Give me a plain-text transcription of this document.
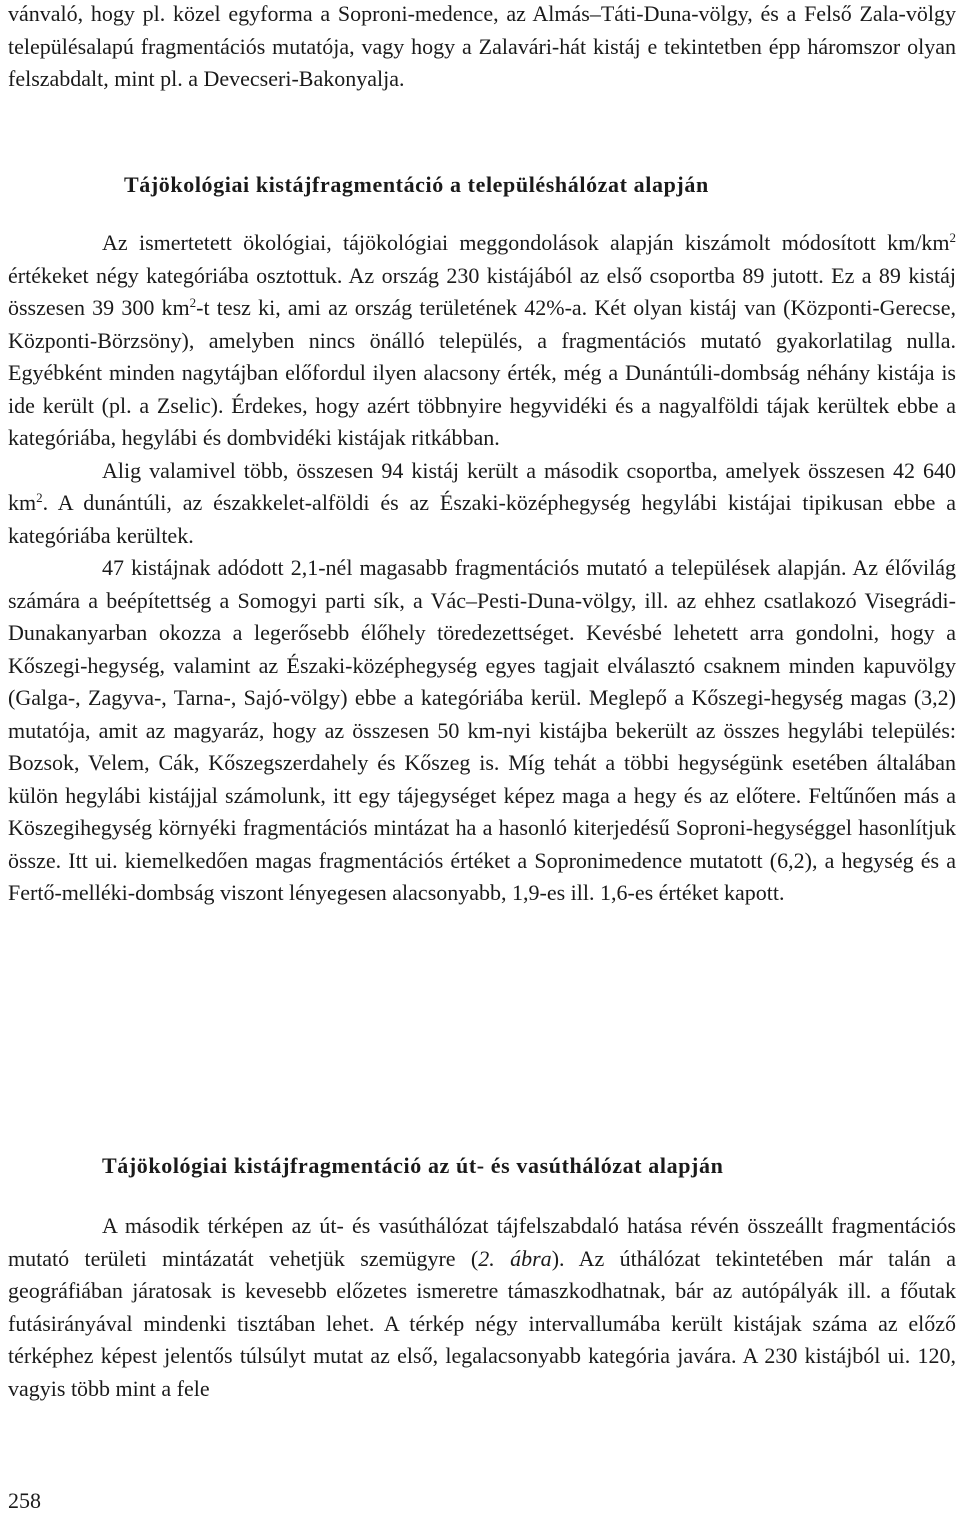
vánvaló, hogy pl. közel egyforma a Soproni-medence, az Almás–Táti-Duna-völgy, és a Felső Zala-völgy településalapú fragmentációs mutatója, vagy hogy a Zalavári-hát kistáj e tekintetben épp háromszor olyan felszabdalt, mint pl. a Devecseri-Bakonyalja.

Tájökológiai kistájfragmentáció a településhálózat alapján

Az ismertetett ökológiai, tájökológiai meggondolások alapján kiszámolt módosított $km/km^2$ értékeket négy kategóriába osztottuk. Az ország 230 kistájából az első csoportba 89 jutott. Ez a 89 kistáj összesen 39 300 $km^2-t$ tesz ki, ami az ország területének 42%-a. Két olyan kistáj van (Központi-Gerecse, Központi-Börzsöny), amelyben nincs önálló település, a fragmentációs mutató gyakorlatilag nulla. Egyébként minden nagytájban előfordul ilyen alacsony érték, még a Dunántúli-dombság néhány kistája is ide került (pl. a Zselic). Érdekes, hogy azért többnyire hegyvidéki és a nagyalföldi tájak kerültek ebbe a kategóriába, hegylábi és dombvidéki kistájak ritkábban.

Alig valamivel több, összesen 94 kistáj került a második csoportba, amelyek összesen 42 640 $km^2$. A dunántúli, az északkelet-alföldi és az Északi-középhegység hegylábi kistájai tipikusan ebbe a kategóriába kerültek.

47 kistájnak adódott 2,1-nél magasabb fragmentációs mutató a települések alapján. Az élővilág számára a beépítettség a Somogyi parti sík, a Vác–Pesti-Duna-völgy, ill. az ehhez csatlakozó Visegrádi-Dunakanyarban okozza a legerősebb élőhely töredezettséget. Kevésbé lehetett arra gondolni, hogy a Kőszegi-hegység, valamint az Északi-középhegység egyes tagjait elválasztó csaknem minden kapuvölgy (Galga-, Zagyva-, Tarna-, Sajó-völgy) ebbe a kategóriába kerül. Meglepő a Kőszegi-hegység magas (3,2) mutatója, amit az magyaráz, hogy az összesen 50 km-nyi kistájba bekerült az összes hegylábi település: Bozsok, Velem, Cák, Kőszegszerdahely és Kőszeg is. Míg tehát a többi hegységünk esetében általában külön hegylábi kistájjal számolunk, itt egy tájegységet képez maga a hegy és az előtere. Feltűnően más a Köszegihegység környéki fragmentációs mintázat ha a hasonló kiterjedésű Soproni-hegységgel hasonlítjuk össze. Itt ui. kiemelkedően magas fragmentációs értéket a Sopronimedence mutatott (6,2), a hegység és a Fertő-melléki-dombság viszont lényegesen alacsonyabb, 1,9-es ill. 1,6-es értéket kapott.

Tájökológiai kistájfragmentáció az út- és vasúthálózat alapján

A második térképen az út- és vasúthálózat tájfelszabdaló hatása révén összeállt fragmentációs mutató területi mintázatát vehetjük szemügyre (2. ábra). Az úthálózat tekintetében már talán a geográfiában járatosak is kevesebb előzetes ismeretre támaszkodhatnak, bár az autópályák ill. a főutak futásirányával mindenki tisztában lehet. A térkép négy intervallumába került kistájak száma az előző térképhez képest jelentős túlsúlyt mutat az első, legalacsonyabb kategória javára. A 230 kistájból ui. 120, vagyis több mint a fele

258
